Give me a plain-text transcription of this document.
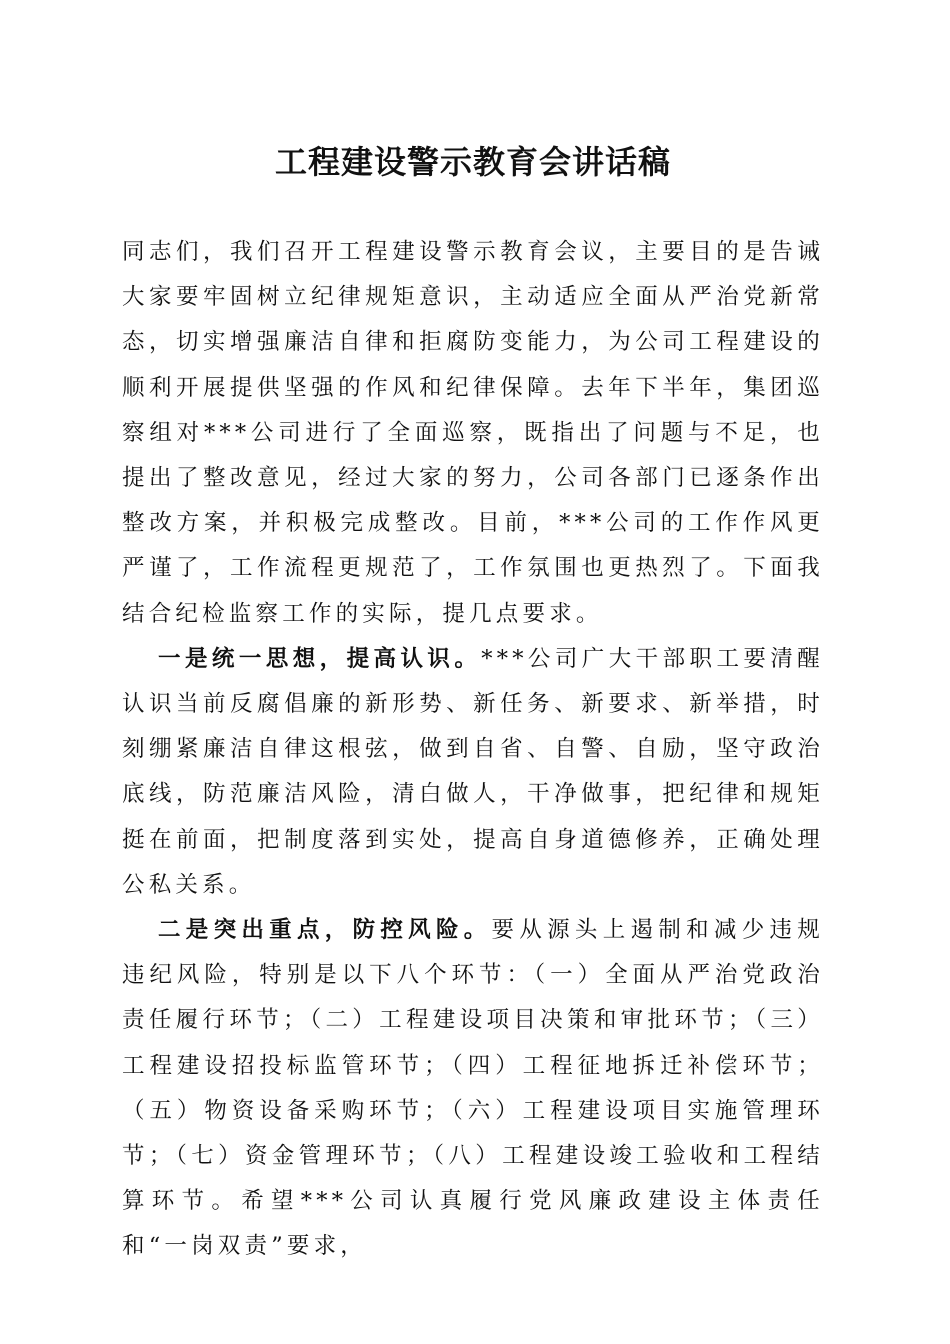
工程建设警示教育会讲话稿

同志们，我们召开工程建设警示教育会议，主要目的是告诫大家要牢固树立纪律规矩意识，主动适应全面从严治党新常态，切实增强廉洁自律和拒腐防变能力，为公司工程建设的顺利开展提供坚强的作风和纪律保障。去年下半年，集团巡察组对***公司进行了全面巡察，既指出了问题与不足，也提出了整改意见，经过大家的努力，公司各部门已逐条作出整改方案，并积极完成整改。目前，***公司的工作作风更严谨了，工作流程更规范了，工作氛围也更热烈了。下面我结合纪检监察工作的实际，提几点要求。

一是统一思想，提高认识。***公司广大干部职工要清醒认识当前反腐倡廉的新形势、新任务、新要求、新举措，时刻绷紧廉洁自律这根弦，做到自省、自警、自励，坚守政治底线，防范廉洁风险，清白做人，干净做事，把纪律和规矩挺在前面，把制度落到实处，提高自身道德修养，正确处理公私关系。

二是突出重点，防控风险。要从源头上遏制和减少违规违纪风险，特别是以下八个环节：（一）全面从严治党政治责任履行环节；（二）工程建设项目决策和审批环节；（三）工程建设招投标监管环节；（四）工程征地拆迁补偿环节；（五）物资设备采购环节；（六）工程建设项目实施管理环节；（七）资金管理环节；（八）工程建设竣工验收和工程结算环节。希望***公司认真履行党风廉政建设主体责任和“一岗双责”要求，
